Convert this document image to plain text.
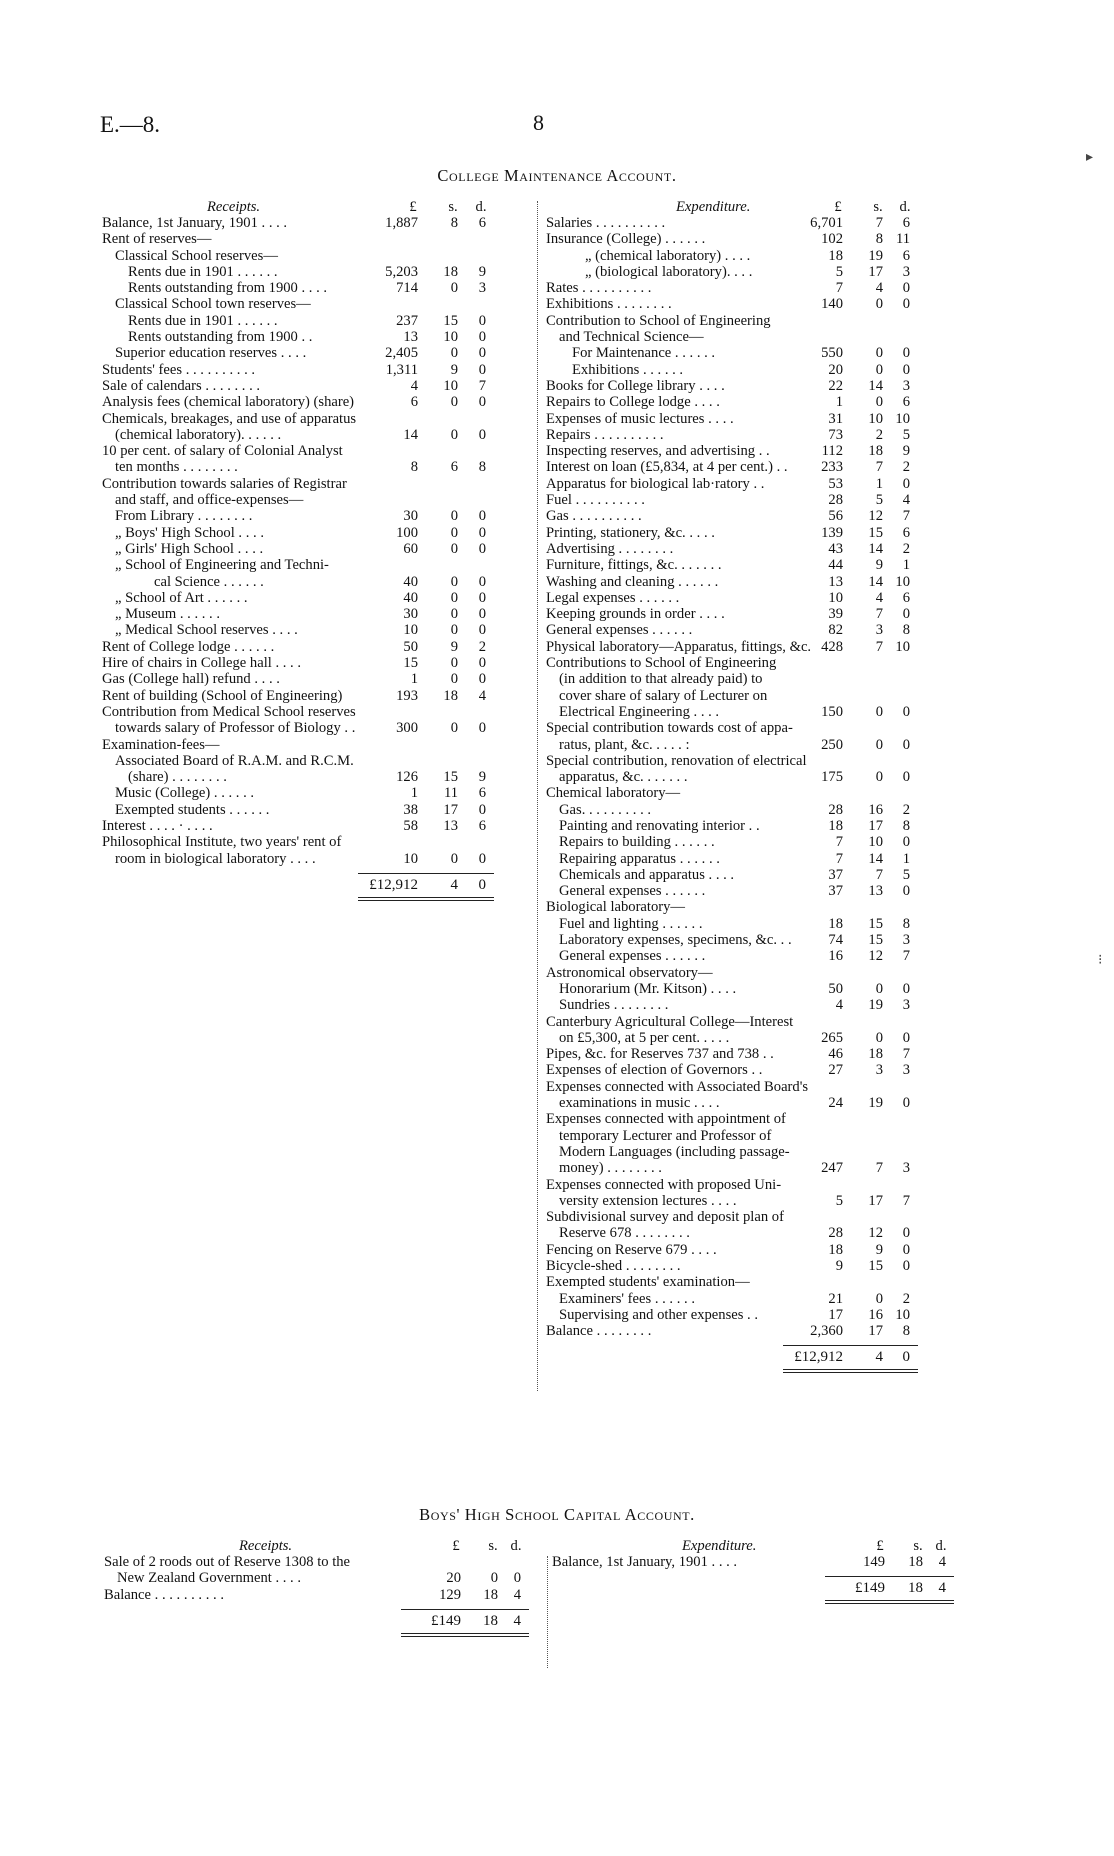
E.—8.	8
College Maintenance Account.
Receipts.	£	s. d.
Balance, 1st January, 1901 . . . .	1,887	8	6
Rent of reserves—
Classical School reserves—
Rents due in 1901 . . . . . .	5,203	18	9
Rents outstanding from 1900 . . . .	714	0	3
Classical School town reserves—
Rents due in 1901 . . . . . .	237	15	0
Rents outstanding from 1900 . .	13	10	0
Superior education reserves . . . .	2,405	0	0
Students' fees . . . . . . . . . .	1,311	9	0
Sale of calendars . . . . . . . .	4	10	7
Analysis fees (chemical laboratory) (share)	6	0	0
Chemicals, breakages, and use of apparatus
(chemical laboratory). . . . . .	14	0	0
10 per cent. of salary of Colonial Analyst
ten months . . . . . . . .	8	6	8
Contribution towards salaries of Registrar
and staff, and office-expenses—
From Library . . . . . . . .	30	0	0
„ Boys' High School . . . .	100	0	0
„ Girls' High School . . . .	60	0	0
„ School of Engineering and Techni-
cal Science . . . . . .	40	0	0
„ School of Art . . . . . .	40	0	0
„ Museum . . . . . .	30	0	0
„ Medical School reserves . . . .	10	0	0
Rent of College lodge . . . . . .	50	9	2
Hire of chairs in College hall . . . .	15	0	0
Gas (College hall) refund . . . .	1	0	0
Rent of building (School of Engineering)	193	18	4
Contribution from Medical School reserves
towards salary of Professor of Biology . .	300	0	0
Examination-fees—
Associated Board of R.A.M. and R.C.M.
(share) . . . . . . . .	126	15	9
Music (College) . . . . . .	1	11	6
Exempted students . . . . . .	38	17	0
Interest . . . . · . . . .	58	13	6
Philosophical Institute, two years' rent of
room in biological laboratory . . . .	10	0	0
£12,912	4	0
Expenditure.	£	s. d.
Salaries . . . . . . . . . .	6,701	7	6
Insurance (College) . . . . . .	102	8 11
„ (chemical laboratory) . . . .	18	19	6
„ (biological laboratory). . . .	5	17	3
Rates . . . . . . . . . .	7	4	0
Exhibitions . . . . . . . .	140	0	0
Contribution to School of Engineering
and Technical Science—
For Maintenance . . . . . .	550	0	0
Exhibitions . . . . . .	20	0	0
Books for College library . . . .	22	14	3
Repairs to College lodge . . . .	1	0	6
Expenses of music lectures . . . .	31	10 10
Repairs . . . . . . . . . .	73	2	5
Inspecting reserves, and advertising . .	112	18	9
Interest on loan (£5,834, at 4 per cent.) . .	233	7	2
Apparatus for biological lab·ratory . .	53	1	0
Fuel . . . . . . . . . .	28	5	4
Gas . . . . . . . . . .	56	12	7
Printing, stationery, &c. . . . .	139	15	6
Advertising . . . . . . . .	43	14	2
Furniture, fittings, &c. . . . . . .	44	9	1
Washing and cleaning . . . . . .	13	14 10
Legal expenses . . . . . .	10	4	6
Keeping grounds in order . . . .	39	7	0
General expenses . . . . . .	82	3	8
Physical laboratory—Apparatus, fittings, &c. 428	7 10
Contributions to School of Engineering
(in addition to that already paid) to
cover share of salary of Lecturer on
Electrical Engineering . . . .	150	0	0
Special contribution towards cost of appa-
ratus, plant, &c. . . . . :	250	0	0
Special contribution, renovation of electrical
apparatus, &c. . . . . . .	175	0	0
Chemical laboratory—
Gas. . . . . . . . . .	28	16	2
Painting and renovating interior . .	18	17	8
Repairs to building . . . . . .	7	10	0
Repairing apparatus . . . . . .	7	14	1
Chemicals and apparatus . . . .	37	7	5
General expenses . . . . . .	37	13	0
Biological laboratory—
Fuel and lighting . . . . . .	18	15	8
Laboratory expenses, specimens, &c. . .	74	15	3
General expenses . . . . . .	16	12	7
Astronomical observatory—
Honorarium (Mr. Kitson) . . . .	50	0	0
Sundries . . . . . . . .	4	19	3
Canterbury Agricultural College—Interest
on £5,300, at 5 per cent. . . . .	265	0	0
Pipes, &c. for Reserves 737 and 738 . .	46	18	7
Expenses of election of Governors . .	27	3	3
Expenses connected with Associated Board's
examinations in music . . . .	24	19	0
Expenses connected with appointment of
temporary Lecturer and Professor of
Modern Languages (including passage-
money) . . . . . . . .	247	7	3
Expenses connected with proposed Uni-
versity extension lectures . . . .	5	17	7
Subdivisional survey and deposit plan of
Reserve 678 . . . . . . . .	28	12	0
Fencing on Reserve 679 . . . .	18	9	0
Bicycle-shed . . . . . . . .	9	15	0
Exempted students' examination—
Examiners' fees . . . . . .	21	0	2
Supervising and other expenses . .	17	16 10
Balance . . . . . . . .	2,360	17	8
£12,912	4	0
Boys' High School Capital Account.
Receipts.	£	s. d.
Sale of 2 roods out of Reserve 1308 to the
New Zealand Government . . . .	20	0	0
Balance . . . . . . . . . .	129	18	4
£149	18	4
Expenditure.	£	s. d.
Balance, 1st January, 1901 . . . .	149	18	4
£149	18	4
▸
⁝
